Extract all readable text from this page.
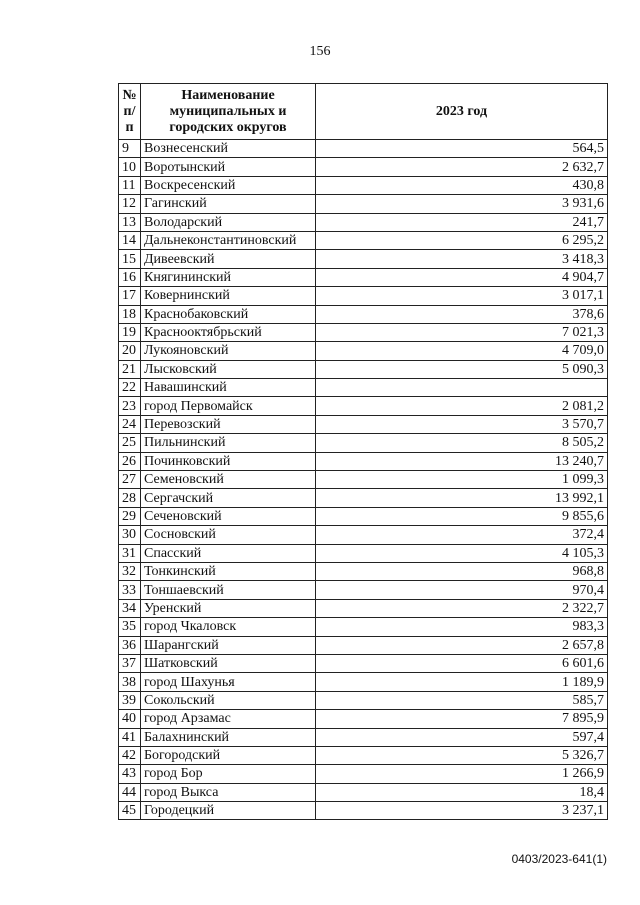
156
№ п/п	Наименование муниципальных и городских округов	2023 год
9	Вознесенский	564,5
10	Воротынский	2 632,7
11	Воскресенский	430,8
12	Гагинский	3 931,6
13	Володарский	241,7
14	Дальнеконстантиновский	6 295,2
15	Дивеевский	3 418,3
16	Княгининский	4 904,7
17	Ковернинский	3 017,1
18	Краснобаковский	378,6
19	Краснооктябрьский	7 021,3
20	Лукояновский	4 709,0
21	Лысковский	5 090,3
22	Навашинский	
23	город Первомайск	2 081,2
24	Перевозский	3 570,7
25	Пильнинский	8 505,2
26	Починковский	13 240,7
27	Семеновский	1 099,3
28	Сергачский	13 992,1
29	Сеченовский	9 855,6
30	Сосновский	372,4
31	Спасский	4 105,3
32	Тонкинский	968,8
33	Тоншаевский	970,4
34	Уренский	2 322,7
35	город Чкаловск	983,3
36	Шарангский	2 657,8
37	Шатковский	6 601,6
38	город Шахунья	1 189,9
39	Сокольский	585,7
40	город Арзамас	7 895,9
41	Балахнинский	597,4
42	Богородский	5 326,7
43	город Бор	1 266,9
44	город Выкса	18,4
45	Городецкий	3 237,1
0403/2023-641(1)
